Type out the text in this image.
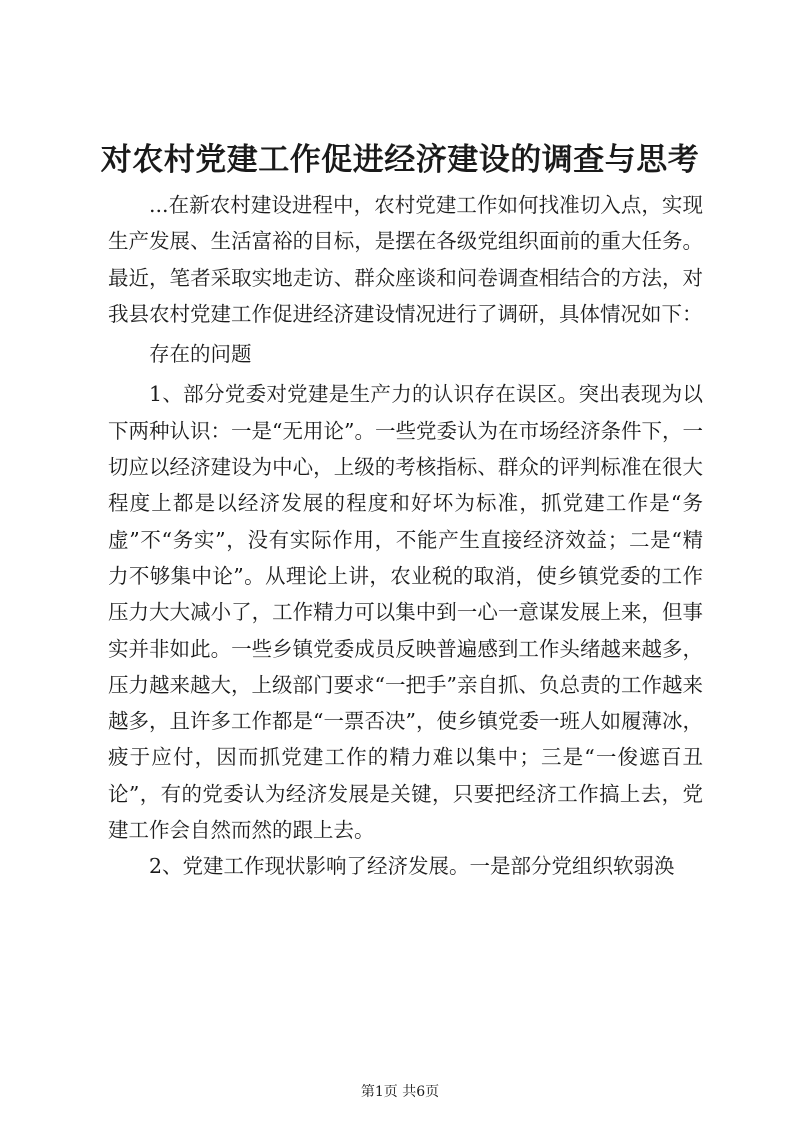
对农村党建工作促进经济建设的调查与思考

...在新农村建设进程中，农村党建工作如何找准切入点，实现生产发展、生活富裕的目标，是摆在各级党组织面前的重大任务。最近，笔者采取实地走访、群众座谈和问卷调查相结合的方法，对我县农村党建工作促进经济建设情况进行了调研，具体情况如下：

存在的问题

1、部分党委对党建是生产力的认识存在误区。突出表现为以下两种认识：一是“无用论”。一些党委认为在市场经济条件下，一切应以经济建设为中心，上级的考核指标、群众的评判标准在很大程度上都是以经济发展的程度和好坏为标准，抓党建工作是“务虚”不“务实”，没有实际作用，不能产生直接经济效益；二是“精力不够集中论”。从理论上讲，农业税的取消，使乡镇党委的工作压力大大减小了，工作精力可以集中到一心一意谋发展上来，但事实并非如此。一些乡镇党委成员反映普遍感到工作头绪越来越多，压力越来越大，上级部门要求“一把手”亲自抓、负总责的工作越来越多，且许多工作都是“一票否决”，使乡镇党委一班人如履薄冰，疲于应付，因而抓党建工作的精力难以集中；三是“一俊遮百丑论”，有的党委认为经济发展是关键，只要把经济工作搞上去，党建工作会自然而然的跟上去。

2、党建工作现状影响了经济发展。一是部分党组织软弱涣

第1页 共6页
